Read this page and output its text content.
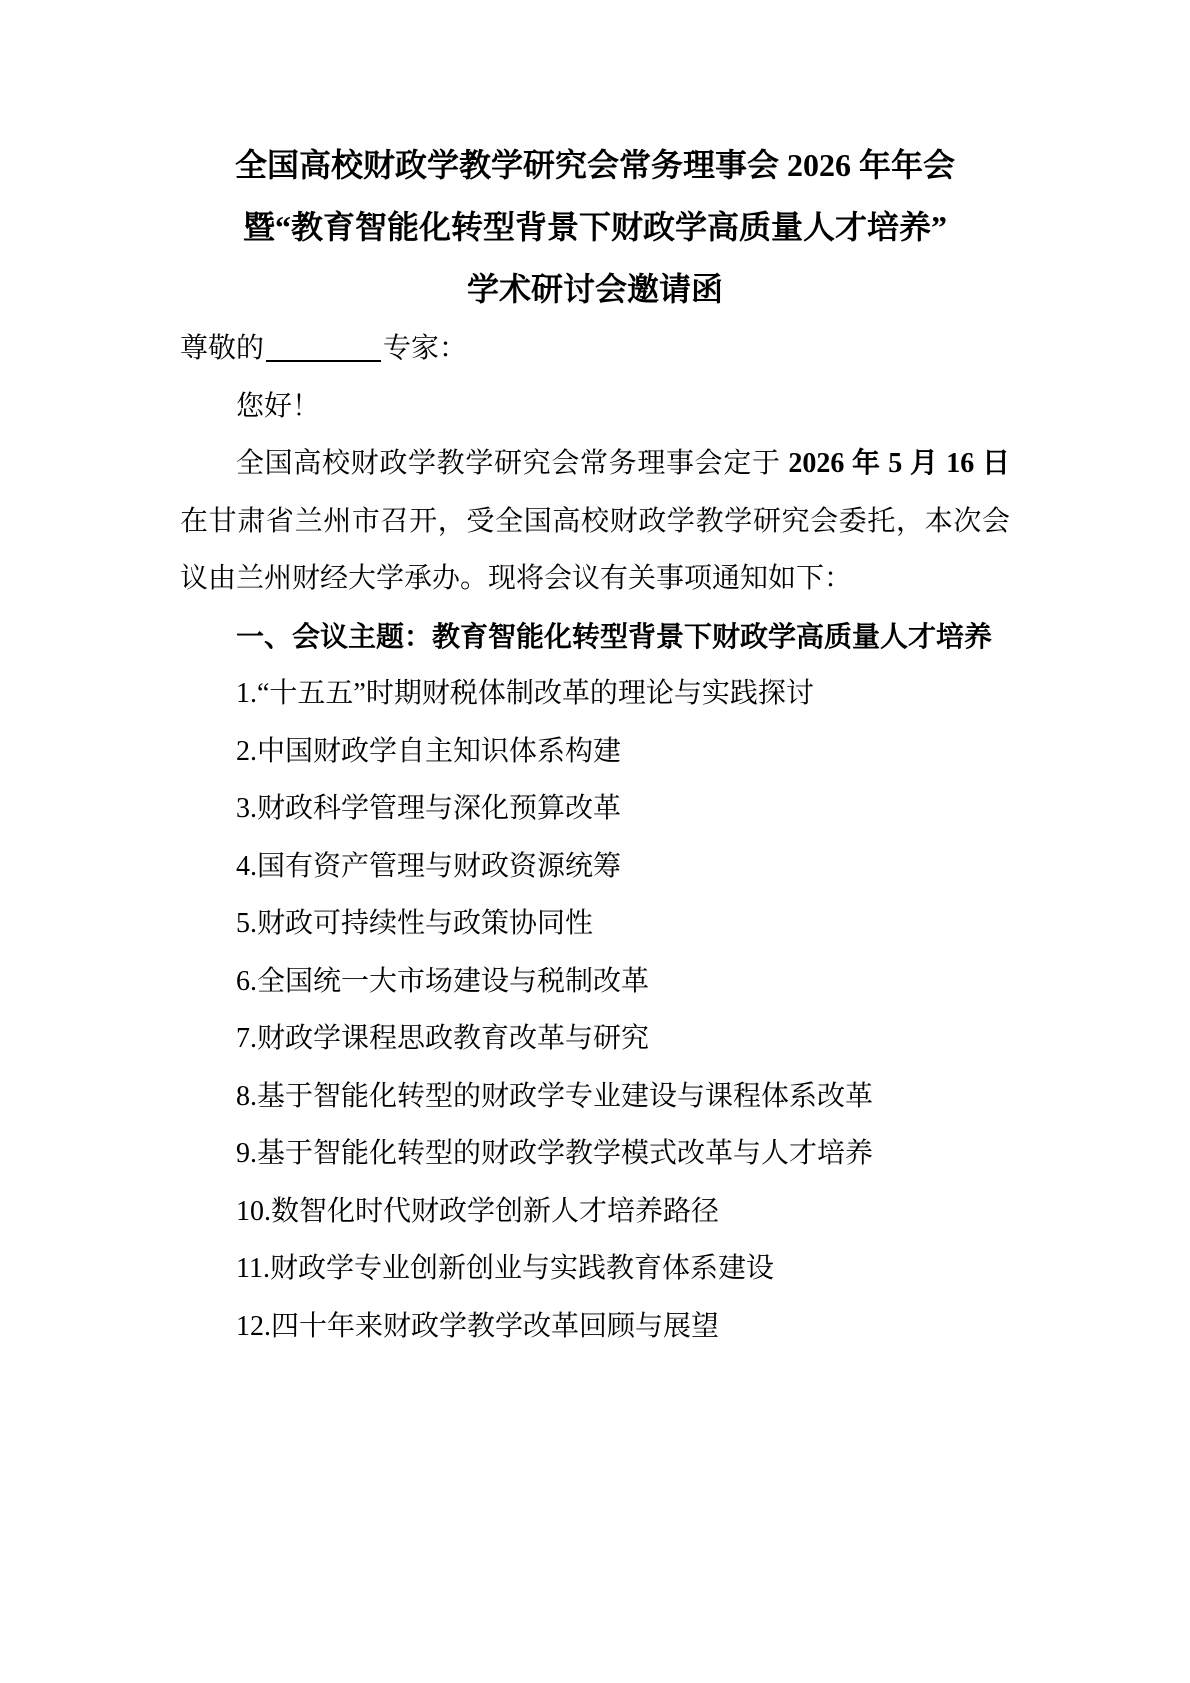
全国高校财政学教学研究会常务理事会 2026 年年会
暨“教育智能化转型背景下财政学高质量人才培养”
学术研讨会邀请函

尊敬的	专家：

您好！

全国高校财政学教学研究会常务理事会定于 2026 年 5 月 16 日在甘肃省兰州市召开，受全国高校财政学教学研究会委托，本次会议由兰州财经大学承办。现将会议有关事项通知如下：

一、会议主题：教育智能化转型背景下财政学高质量人才培养

1.“十五五”时期财税体制改革的理论与实践探讨

2.中国财政学自主知识体系构建

3.财政科学管理与深化预算改革

4.国有资产管理与财政资源统筹

5.财政可持续性与政策协同性

6.全国统一大市场建设与税制改革

7.财政学课程思政教育改革与研究

8.基于智能化转型的财政学专业建设与课程体系改革

9.基于智能化转型的财政学教学模式改革与人才培养

10.数智化时代财政学创新人才培养路径

11.财政学专业创新创业与实践教育体系建设

12.四十年来财政学教学改革回顾与展望
